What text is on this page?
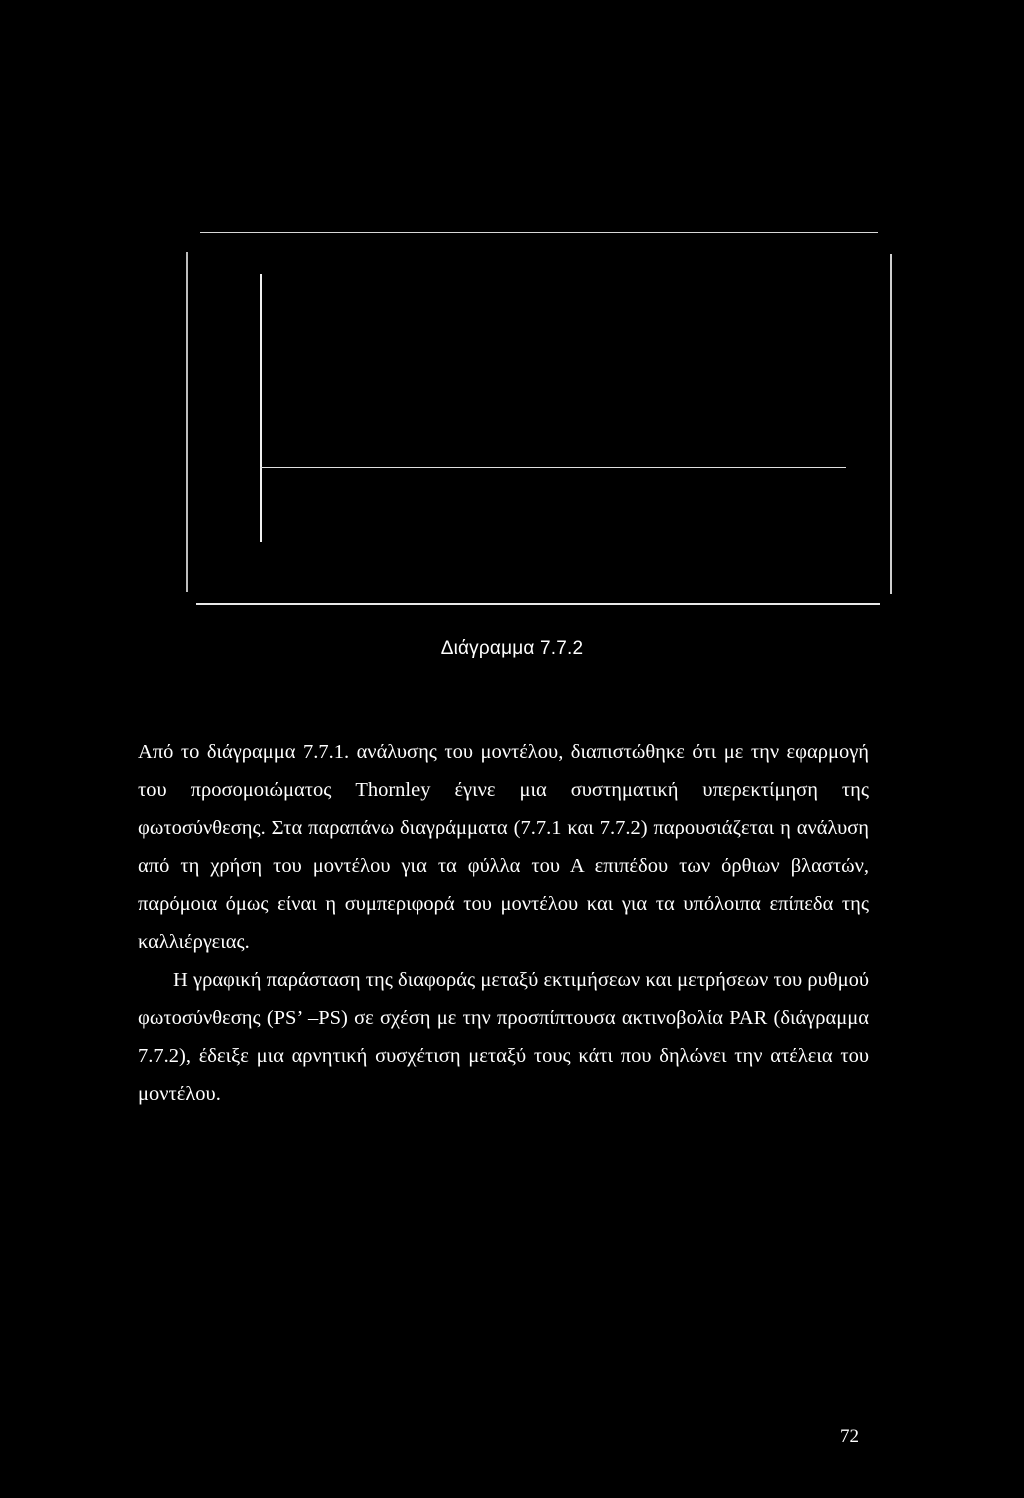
Διάγραμμα 7.7.2

Από το διάγραμμα 7.7.1. ανάλυσης του μοντέλου, διαπιστώθηκε ότι με την εφαρμογή του προσομοιώματος Thornley έγινε μια συστηματική υπερεκτίμηση της φωτοσύνθεσης. Στα παραπάνω διαγράμματα (7.7.1 και 7.7.2) παρουσιάζεται η ανάλυση από τη χρήση του μοντέλου για τα φύλλα του Α επιπέδου των όρθιων βλαστών, παρόμοια όμως είναι η συμπεριφορά του μοντέλου και για τα υπόλοιπα επίπεδα της καλλιέργειας.

Η γραφική παράσταση της διαφοράς μεταξύ εκτιμήσεων και μετρήσεων του ρυθμού φωτοσύνθεσης (PS’ –PS) σε σχέση με την προσπίπτουσα ακτινοβολία PAR (διάγραμμα 7.7.2), έδειξε μια αρνητική συσχέτιση μεταξύ τους κάτι που δηλώνει την ατέλεια του μοντέλου.

72
